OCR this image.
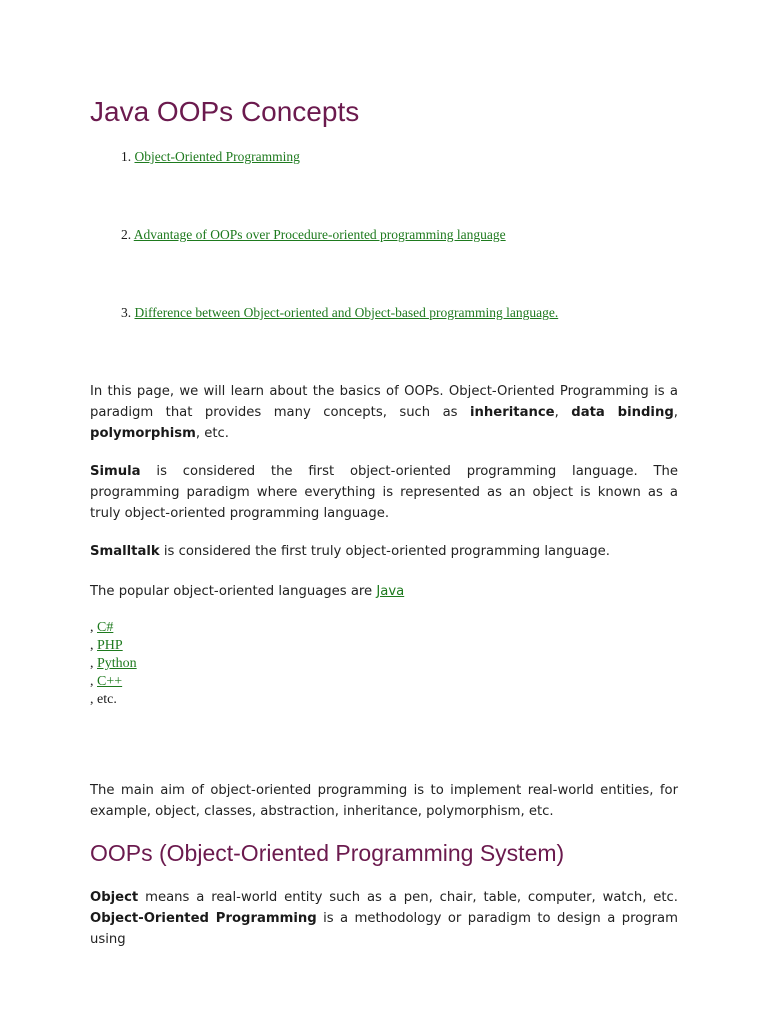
Java OOPs Concepts
1. Object-Oriented Programming
2. Advantage of OOPs over Procedure-oriented programming language
3. Difference between Object-oriented and Object-based programming language.

In this page, we will learn about the basics of OOPs. Object-Oriented Programming is a paradigm that provides many concepts, such as inheritance, data binding, polymorphism, etc.

Simula is considered the first object-oriented programming language. The programming paradigm where everything is represented as an object is known as a truly object-oriented programming language.

Smalltalk is considered the first truly object-oriented programming language.

The popular object-oriented languages are Java

, C#
, PHP
, Python
, C++
, etc.

The main aim of object-oriented programming is to implement real-world entities, for example, object, classes, abstraction, inheritance, polymorphism, etc.

OOPs (Object-Oriented Programming System)

Object means a real-world entity such as a pen, chair, table, computer, watch, etc. Object-Oriented Programming is a methodology or paradigm to design a program using
